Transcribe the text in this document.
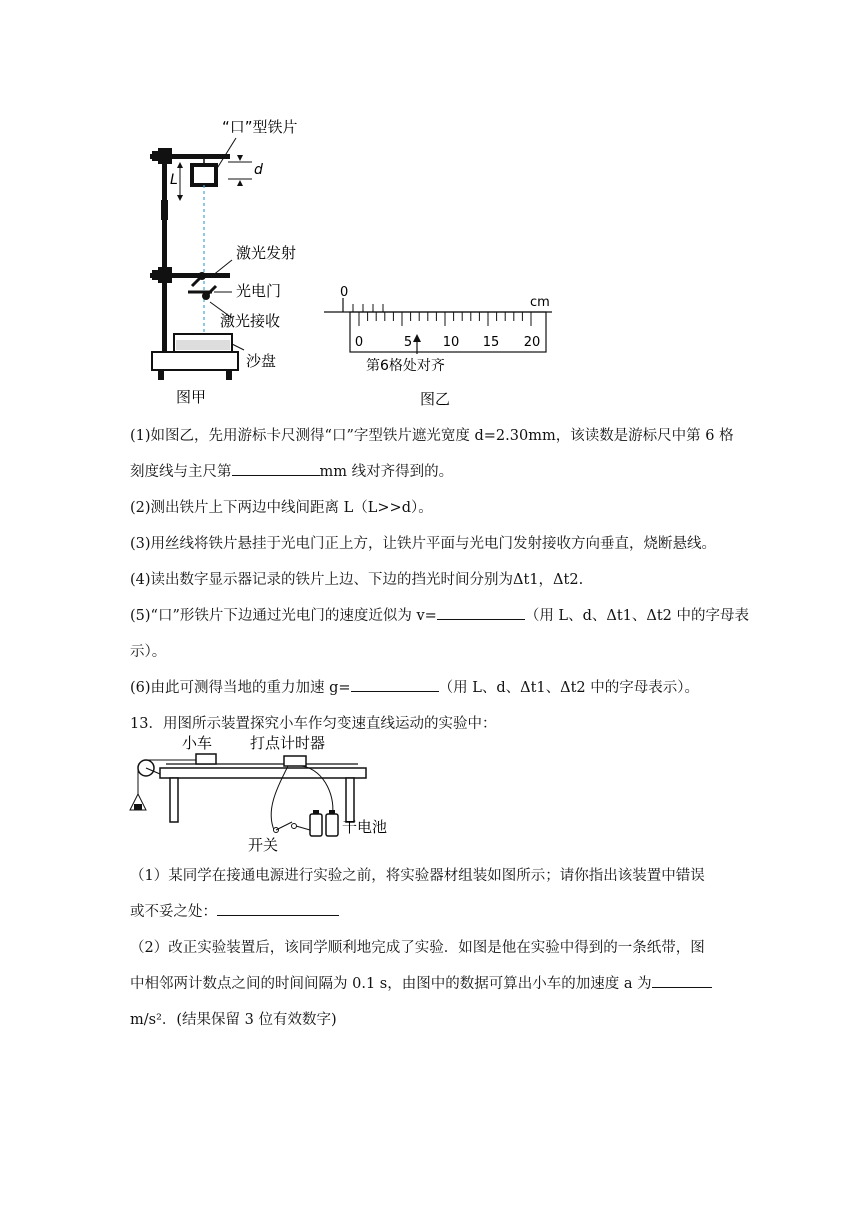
“口”型铁片
d
L
激光发射
光电门
激光接收
沙盘
图甲
0
cm
0	5 10 15 20
第6格处对齐
图乙
(1)如图乙，先用游标卡尺测得“口”字型铁片遮光宽度 d=2.30mm，该读数是游标尺中第 6 格
刻度线与主尺第	mm 线对齐得到的。
(2)测出铁片上下两边中线间距离 L（L>>d）。
(3)用丝线将铁片悬挂于光电门正上方，让铁片平面与光电门发射接收方向垂直，烧断悬线。
(4)读出数字显示器记录的铁片上边、下边的挡光时间分别为Δt1，Δt2.
(5)“口”形铁片下边通过光电门的速度近似为 v=	（用 L、d、Δt1、Δt2 中的字母表
示）。
(6)由此可测得当地的重力加速 g=	（用 L、d、Δt1、Δt2 中的字母表示）。
13．用图所示装置探究小车作匀变速直线运动的实验中：
小车	打点计时器
开关
干电池
（1）某同学在接通电源进行实验之前，将实验器材组装如图所示；请你指出该装置中错误
或不妥之处：
（2）改正实验装置后，该同学顺利地完成了实验．如图是他在实验中得到的一条纸带，图
中相邻两计数点之间的时间间隔为 0.1 s，由图中的数据可算出小车的加速度 a 为
m/s²．(结果保留 3 位有效数字)
